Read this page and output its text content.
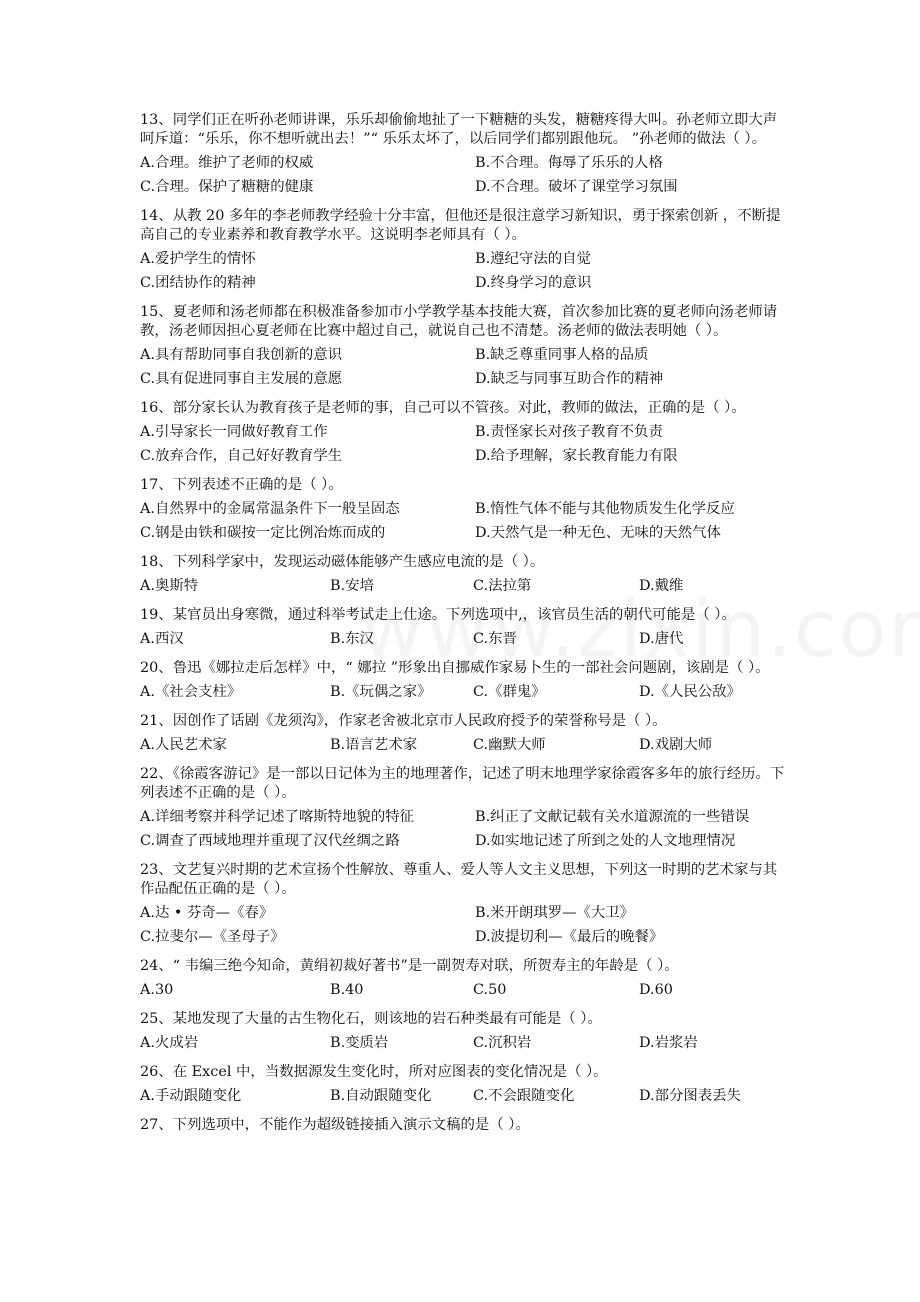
13、同学们正在听孙老师讲课，乐乐却偷偷地扯了一下糖糖的头发，糖糖疼得大叫。孙老师立即大声呵斥道：“乐乐，你不想听就出去！”“ 乐乐太坏了，以后同学们都别跟他玩。 ”孙老师的做法（ ）。
A.合理。维护了老师的权威	B.不合理。侮辱了乐乐的人格
C.合理。保护了糖糖的健康	D.不合理。破坏了课堂学习氛围
14、从教 20 多年的李老师教学经验十分丰富，但他还是很注意学习新知识，勇于探索创新 ，不断提高自己的专业素养和教育教学水平。这说明李老师具有（ ）。
A.爱护学生的情怀	B.遵纪守法的自觉
C.团结协作的精神	D.终身学习的意识
15、夏老师和汤老师都在积极准备参加市小学教学基本技能大赛，首次参加比赛的夏老师向汤老师请教，汤老师因担心夏老师在比赛中超过自己，就说自己也不清楚。汤老师的做法表明她（ ）。
A.具有帮助同事自我创新的意识	B.缺乏尊重同事人格的品质
C.具有促进同事自主发展的意愿	D.缺乏与同事互助合作的精神
16、部分家长认为教育孩子是老师的事，自己可以不管孩。对此，教师的做法，正确的是（ ）。
A.引导家长一同做好教育工作	B.责怪家长对孩子教育不负责
C.放弃合作，自己好好教育学生	D.给予理解，家长教育能力有限
17、下列表述不正确的是（ ）。
A.自然界中的金属常温条件下一般呈固态	B.惰性气体不能与其他物质发生化学反应
C.钢是由铁和碳按一定比例冶炼而成的	D.天然气是一种无色、无味的天然气体
18、下列科学家中，发现运动磁体能够产生感应电流的是（ ）。
A.奥斯特	B.安培	C.法拉第	D.戴维
19、某官员出身寒微，通过科举考试走上仕途。下列选项中,，该官员生活的朝代可能是（ ）。
A.西汉	B.东汉	C.东晋	D.唐代
20、鲁迅《娜拉走后怎样》中，“ 娜拉 ”形象出自挪威作家易卜生的一部社会问题剧，该剧是（ ）。
A.《社会支柱》	B.《玩偶之家》	C.《群鬼》	D.《人民公敌》
21、因创作了话剧《龙须沟》，作家老舍被北京市人民政府授予的荣誉称号是（ ）。
A.人民艺术家	B.语言艺术家	C.幽默大师	D.戏剧大师
22、《徐霞客游记》是一部以日记体为主的地理著作，记述了明末地理学家徐霞客多年的旅行经历。下列表述不正确的是（ ）。
A.详细考察并科学记述了喀斯特地貌的特征	B.纠正了文献记载有关水道源流的一些错误
C.调查了西域地理并重现了汉代丝绸之路	D.如实地记述了所到之处的人文地理情况
23、文艺复兴时期的艺术宣扬个性解放、尊重人、爱人等人文主义思想，下列这一时期的艺术家与其作品配伍正确的是（ ）。
A.达 • 芬奇—《春》	B.米开朗琪罗—《大卫》
C.拉斐尔—《圣母子》	D.波提切利—《最后的晚餐》
24、“ 韦编三绝今知命，黄绢初裁好著书”是一副贺寿对联，所贺寿主的年龄是（ ）。
A.30	B.40	C.50	D.60
25、某地发现了大量的古生物化石，则该地的岩石种类最有可能是（ ）。
A.火成岩	B.变质岩	C.沉积岩	D.岩浆岩
26、在 Excel 中，当数据源发生变化时，所对应图表的变化情况是（ ）。
A.手动跟随变化	B.自动跟随变化	C.不会跟随变化	D.部分图表丢失
27、下列选项中，不能作为超级链接插入演示文稿的是（ ）。
